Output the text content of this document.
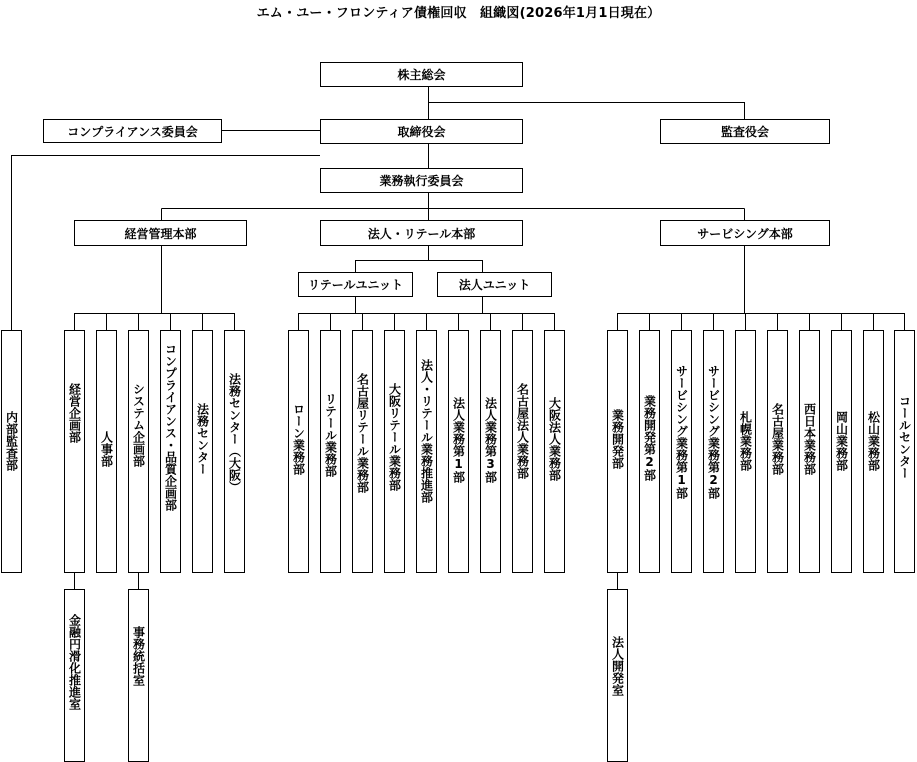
エム・ユー・フロンティア債権回収　組織図(2026年1月1日現在）
株主総会
コンプライアンス委員会	取締役会	監査役会
業務執行委員会
経営管理本部	法人・リテール本部	サービシング本部
リテールユニット	法人ユニット
内部監査部	経営企画部
人事部 システム企画部 コンプライアンス・品質企画部 法務センター 法務センター（大阪）
金融円滑化推進室	事務統括室
ローン業務部 リテール業務部 名古屋リテール業務部 大阪リテール業務部 法人・リテール業務推進部 法人業務第1部 法人業務第3部 名古屋法人業務部 大阪法人業務部	業務開発部 業務開発第2部 サービシング業務第1部 サービシング業務第2部 札幌業務部 名古屋業務部 西日本業務部 岡山業務部 松山業務部 コールセンター
法人開発室
